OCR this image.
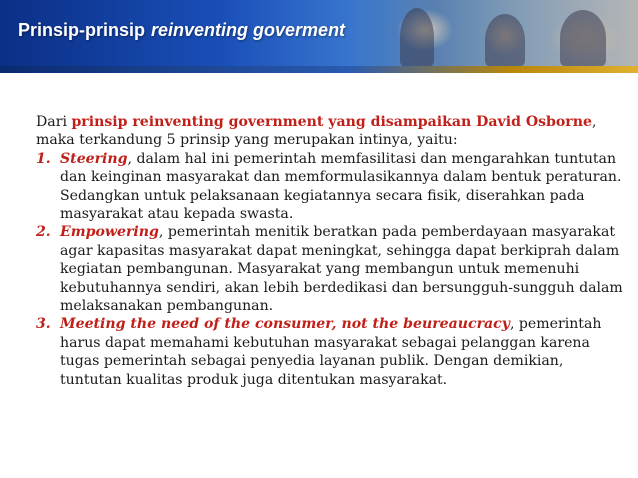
Prinsip-prinsip reinventing goverment
Dari prinsip reinventing government yang disampaikan David Osborne, maka terkandung 5 prinsip yang merupakan intinya, yaitu:
1. Steering, dalam hal ini pemerintah memfasilitasi dan mengarahkan tuntutan dan keinginan masyarakat dan memformulasikannya dalam bentuk peraturan. Sedangkan untuk pelaksanaan kegiatannya secara fisik, diserahkan pada masyarakat atau kepada swasta.
2. Empowering, pemerintah menitik beratkan pada pemberdayaan masyarakat agar kapasitas masyarakat dapat meningkat, sehingga dapat berkiprah dalam kegiatan pembangunan. Masyarakat yang membangun untuk memenuhi kebutuhannya sendiri, akan lebih berdedikasi dan bersungguh-sungguh dalam melaksanakan pembangunan.
3. Meeting the need of the consumer, not the beureaucracy, pemerintah harus dapat memahami kebutuhan masyarakat sebagai pelanggan karena tugas pemerintah sebagai penyedia layanan publik. Dengan demikian, tuntutan kualitas produk juga ditentukan masyarakat.
